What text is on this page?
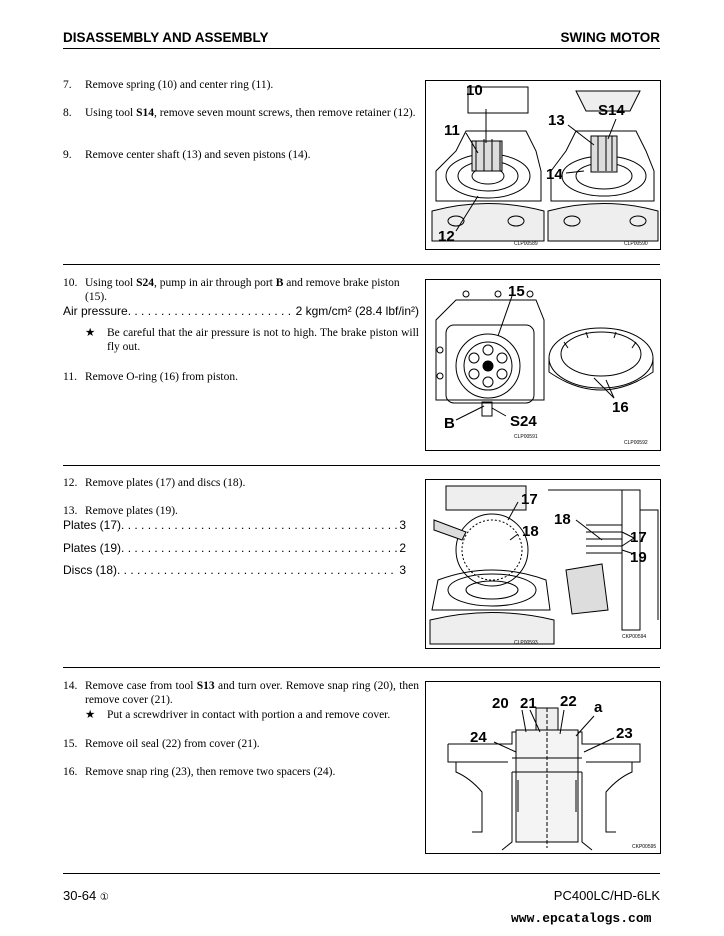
DISASSEMBLY AND ASSEMBLY	SWING MOTOR
7. Remove spring (10) and center ring (11).
8. Using tool S14, remove seven mount screws, then remove retainer (12).
9. Remove center shaft (13) and seven pistons (14).
10
11
12
S14
13
14
CLP00589	CLP00590
10. Using tool S24, pump in air through port B and remove brake piston (15).
Air pressure . . .	2 kgm/cm² (28.4 lbf/in²)
★ Be careful that the air pressure is not to high. The brake piston will fly out.
11. Remove O-ring (16) from piston.
15
S24
B
16
CLP00591
CLP00592
12. Remove plates (17) and discs (18).
13. Remove plates (19).
Plates (17) . . .	3
Plates (19) . . .	2
Discs (18) . . .	3
17
18
18
17
19
CLP00593
CKP00594
14. Remove case from tool S13 and turn over. Remove snap ring (20), then remove cover (21).
★ Put a screwdriver in contact with portion a and remove cover.
15. Remove oil seal (22) from cover (21).
16. Remove snap ring (23), then remove two spacers (24).
20 21 22 a
24	23
CKP00595
30-64 ①	PC400LC/HD-6LK
www.epcatalogs.com
